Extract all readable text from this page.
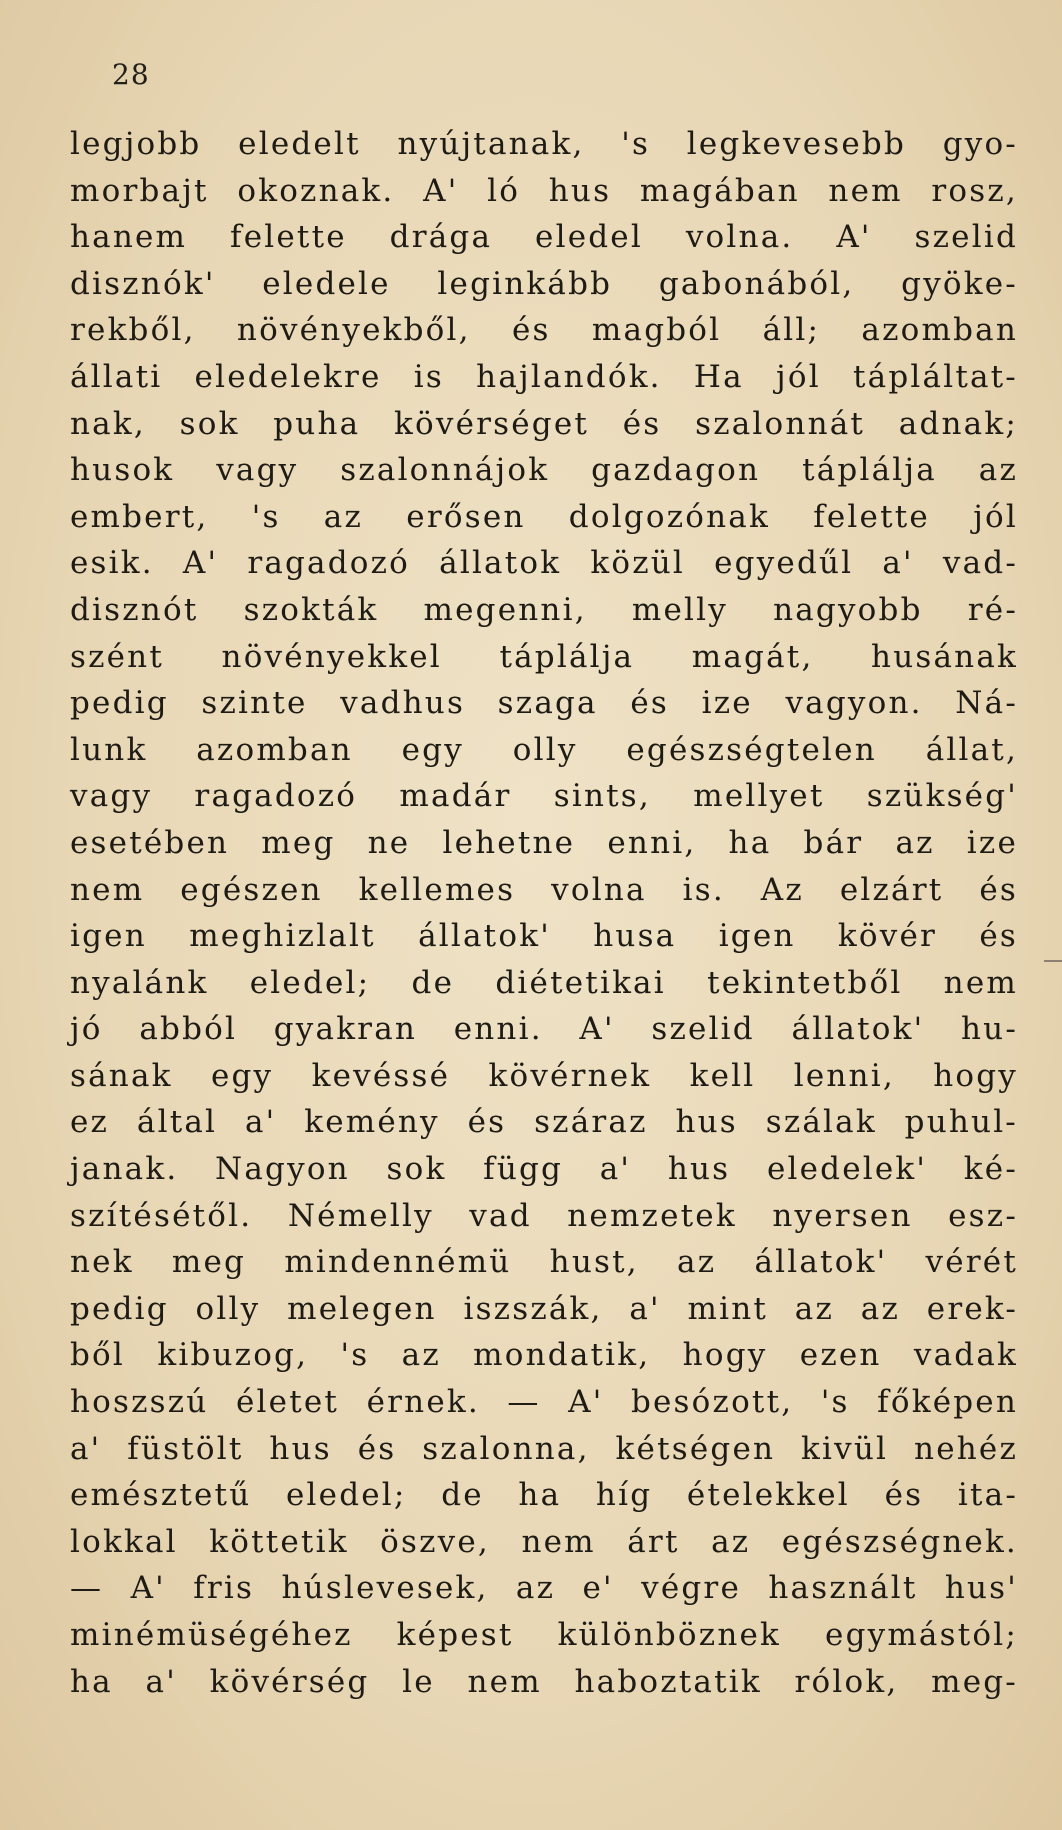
28
legjobb eledelt nyújtanak, 's legkevesebb gyo-
morbajt okoznak. A' ló hus magában nem rosz,
hanem felette drága eledel volna. A' szelid
disznók' eledele leginkább gabonából, gyöke-
rekből, növényekből, és magból áll; azomban
állati eledelekre is hajlandók. Ha jól tápláltat-
nak, sok puha kövérséget és szalonnát adnak;
husok vagy szalonnájok gazdagon táplálja az
embert, 's az erősen dolgozónak felette jól
esik. A' ragadozó állatok közül egyedűl a' vad-
disznót szokták megenni, melly nagyobb ré-
szént növényekkel táplálja magát, husának
pedig szinte vadhus szaga és ize vagyon. Ná-
lunk azomban egy olly egészségtelen állat,
vagy ragadozó madár sints, mellyet szükség'
esetében meg ne lehetne enni, ha bár az ize
nem egészen kellemes volna is. Az elzárt és
igen meghizlalt állatok' husa igen kövér és
nyalánk eledel; de diétetikai tekintetből nem
jó abból gyakran enni. A' szelid állatok' hu-
sának egy kevéssé kövérnek kell lenni, hogy
ez által a' kemény és száraz hus szálak puhul-
janak. Nagyon sok függ a' hus eledelek' ké-
szítésétől. Némelly vad nemzetek nyersen esz-
nek meg mindennémü hust, az állatok' vérét
pedig olly melegen iszszák, a' mint az az erek-
ből kibuzog, 's az mondatik, hogy ezen vadak
hoszszú életet érnek. — A' besózott, 's főképen
a' füstölt hus és szalonna, kétségen kivül nehéz
emésztetű eledel; de ha híg ételekkel és ita-
lokkal köttetik öszve, nem árt az egészségnek.
— A' fris húslevesek, az e' végre használt hus'
minémüségéhez képest különböznek egymástól;
ha a' kövérség le nem haboztatik rólok, meg-
